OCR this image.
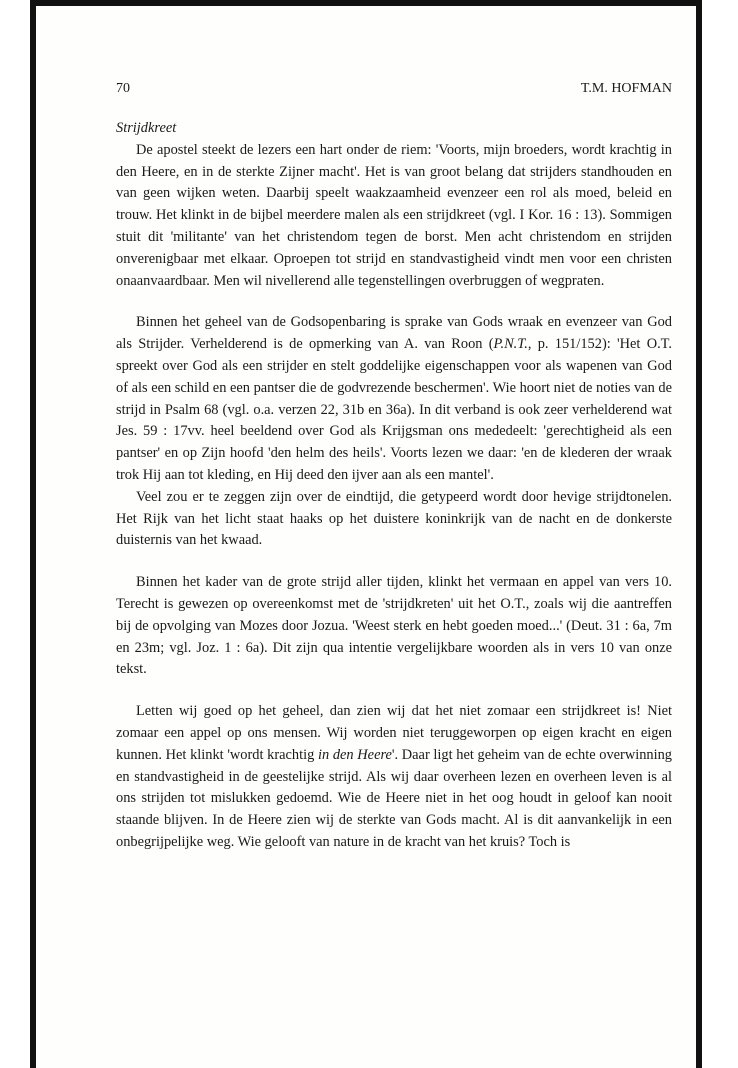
70	T.M. HOFMAN
Strijdkreet

De apostel steekt de lezers een hart onder de riem: 'Voorts, mijn broeders, wordt krachtig in den Heere, en in de sterkte Zijner macht'. Het is van groot belang dat strijders standhouden en van geen wijken weten. Daarbij speelt waakzaamheid evenzeer een rol als moed, beleid en trouw. Het klinkt in de bijbel meerdere malen als een strijdkreet (vgl. I Kor. 16 : 13). Sommigen stuit dit 'militante' van het christendom tegen de borst. Men acht christendom en strijden onverenigbaar met elkaar. Oproepen tot strijd en standvastigheid vindt men voor een christen onaanvaardbaar. Men wil nivellerend alle tegenstellingen overbruggen of wegpraten.

Binnen het geheel van de Godsopenbaring is sprake van Gods wraak en evenzeer van God als Strijder. Verhelderend is de opmerking van A. van Roon (P.N.T., p. 151/152): 'Het O.T. spreekt over God als een strijder en stelt goddelijke eigenschappen voor als wapenen van God of als een schild en een pantser die de godvrezende beschermen'. Wie hoort niet de noties van de strijd in Psalm 68 (vgl. o.a. verzen 22, 31b en 36a). In dit verband is ook zeer verhelderend wat Jes. 59 : 17vv. heel beeldend over God als Krijgsman ons mededeelt: 'gerechtigheid als een pantser' en op Zijn hoofd 'den helm des heils'. Voorts lezen we daar: 'en de klederen der wraak trok Hij aan tot kleding, en Hij deed den ijver aan als een mantel'.

Veel zou er te zeggen zijn over de eindtijd, die getypeerd wordt door hevige strijdtonelen. Het Rijk van het licht staat haaks op het duistere koninkrijk van de nacht en de donkerste duisternis van het kwaad.

Binnen het kader van de grote strijd aller tijden, klinkt het vermaan en appel van vers 10. Terecht is gewezen op overeenkomst met de 'strijdkreten' uit het O.T., zoals wij die aantreffen bij de opvolging van Mozes door Jozua. 'Weest sterk en hebt goeden moed...' (Deut. 31 : 6a, 7m en 23m; vgl. Joz. 1 : 6a). Dit zijn qua intentie vergelijkbare woorden als in vers 10 van onze tekst.

Letten wij goed op het geheel, dan zien wij dat het niet zomaar een strijdkreet is! Niet zomaar een appel op ons mensen. Wij worden niet teruggeworpen op eigen kracht en eigen kunnen. Het klinkt 'wordt krachtig in den Heere'. Daar ligt het geheim van de echte overwinning en standvastigheid in de geestelijke strijd. Als wij daar overheen lezen en overheen leven is al ons strijden tot mislukken gedoemd. Wie de Heere niet in het oog houdt in geloof kan nooit staande blijven. In de Heere zien wij de sterkte van Gods macht. Al is dit aanvankelijk in een onbegrijpelijke weg. Wie gelooft van nature in de kracht van het kruis? Toch is
